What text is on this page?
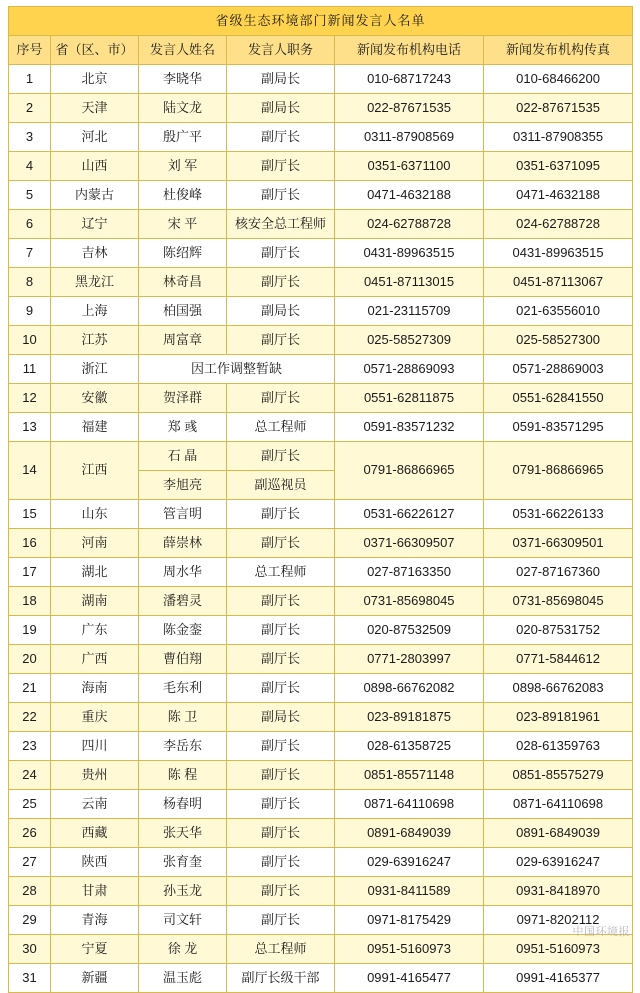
省级生态环境部门新闻发言人名单					
序号	省（区、市）	发言人姓名	发言人职务	新闻发布机构电话	新闻发布机构传真
1	北京	李晓华	副局长	010-68717243	010-68466200
2	天津	陆文龙	副局长	022-87671535	022-87671535
3	河北	殷广平	副厅长	0311-87908569	0311-87908355
4	山西	刘 军	副厅长	0351-6371100	0351-6371095
5	内蒙古	杜俊峰	副厅长	0471-4632188	0471-4632188
6	辽宁	宋 平	核安全总工程师	024-62788728	024-62788728
7	吉林	陈绍辉	副厅长	0431-89963515	0431-89963515
8	黑龙江	林奇昌	副厅长	0451-87113015	0451-87113067
9	上海	柏国强	副局长	021-23115709	021-63556010
10	江苏	周富章	副厅长	025-58527309	025-58527300
11	浙江	因工作调整暂缺		0571-28869093	0571-28869003
12	安徽	贺泽群	副厅长	0551-62811875	0551-62841550
13	福建	郑 彧	总工程师	0591-83571232	0591-83571295
14	江西	石 晶	副厅长	0791-86866965	0791-86866965
		李旭亮	副巡视员		
15	山东	管言明	副厅长	0531-66226127	0531-66226133
16	河南	薛崇林	副厅长	0371-66309507	0371-66309501
17	湖北	周水华	总工程师	027-87163350	027-87167360
18	湖南	潘碧灵	副厅长	0731-85698045	0731-85698045
19	广东	陈金銮	副厅长	020-87532509	020-87531752
20	广西	曹伯翔	副厅长	0771-2803997	0771-5844612
21	海南	毛东利	副厅长	0898-66762082	0898-66762083
22	重庆	陈 卫	副局长	023-89181875	023-89181961
23	四川	李岳东	副厅长	028-61358725	028-61359763
24	贵州	陈 程	副厅长	0851-85571148	0851-85575279
25	云南	杨春明	副厅长	0871-64110698	0871-64110698
26	西藏	张天华	副厅长	0891-6849039	0891-6849039
27	陕西	张育奎	副厅长	029-63916247	029-63916247
28	甘肃	孙玉龙	副厅长	0931-8411589	0931-8418970
29	青海	司文轩	副厅长	0971-8175429	0971-8202112
30	宁夏	徐 龙	总工程师	0951-5160973	0951-5160973
31	新疆	温玉彪	副厅长级干部	0991-4165477	0991-4165377
中国环境报
